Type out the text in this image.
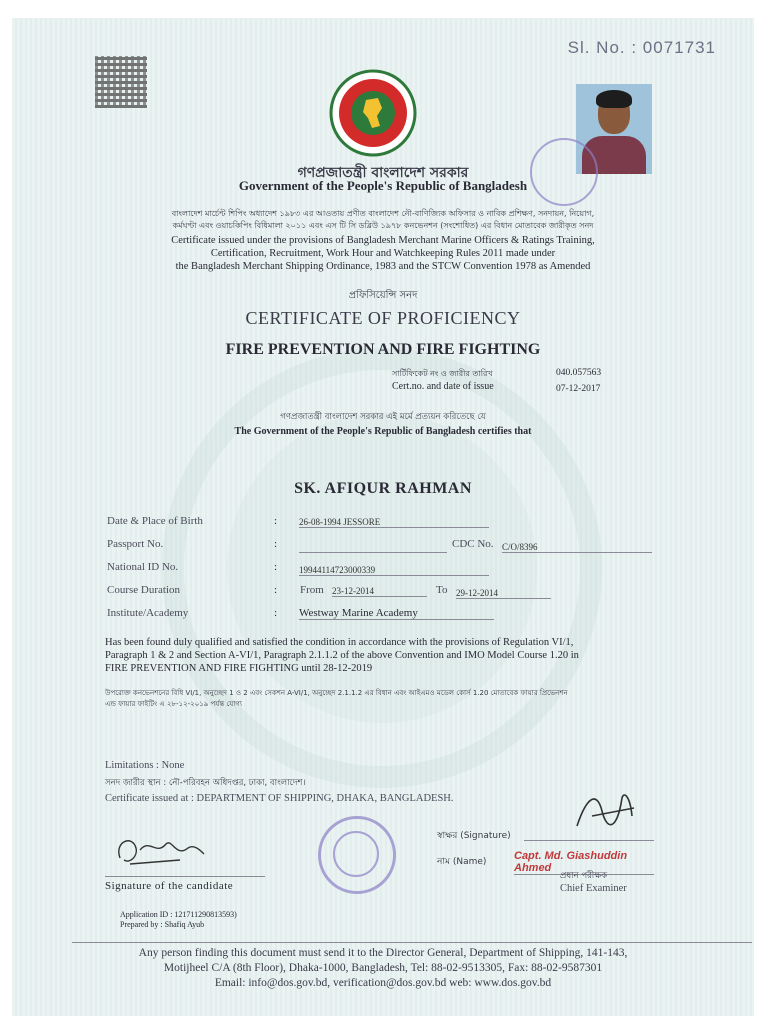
Sl. No. : 0071731
গণপ্রজাতন্ত্রী বাংলাদেশ সরকার
Government of the People's Republic of Bangladesh
বাংলাদেশ মার্চেন্ট শিপিং অধ্যাদেশ ১৯৮৩ এর আওতায় প্রণীত বাংলাদেশ নৌ-বাণিজ্যিক অফিসার ও নাবিক প্রশিক্ষণ, সনদায়ন, নিয়োগ,
কর্মঘণ্টা এবং ওয়াচকিপিং বিধিমালা ২০১১ এবং এস টি সি ডব্লিউ ১৯৭৮ কনভেনশন (সংশোধিত) এর বিধান মোতাবেক জারীকৃত সনদ
Certificate issued under the provisions of Bangladesh Merchant Marine Officers & Ratings Training,
Certification, Recruitment, Work Hour and Watchkeeping Rules 2011 made under
the Bangladesh Merchant Shipping Ordinance, 1983 and the STCW Convention 1978 as Amended
প্রফিসিয়েন্সি সনদ
CERTIFICATE OF PROFICIENCY
FIRE PREVENTION AND FIRE FIGHTING
সার্টিফিকেট নং ও জারীর তারিখ
Cert.no. and date of issue
040.057563
07-12-2017
গণপ্রজাতন্ত্রী বাংলাদেশ সরকার এই মর্মে প্রত্যয়ন করিতেছে যে
The Government of the People's Republic of Bangladesh certifies that
SK. AFIQUR RAHMAN
Date & Place of Birth	: 26-08-1994 JESSORE
Passport No.	:	CDC No. C/O/8396
National ID No.	: 19944114723000339
Course Duration	: From 23-12-2014	To 29-12-2014
Institute/Academy	: Westway Marine Academy
Has been found duly qualified and satisfied the condition in accordance with the provisions of Regulation VI/1,
Paragraph 1 & 2 and Section A-VI/1, Paragraph 2.1.1.2 of the above Convention and IMO Model Course 1.20 in
FIRE PREVENTION AND FIRE FIGHTING until 28-12-2019
উপরোক্ত কনভেনশনের বিধি VI/1, অনুচ্ছেদ 1 ও 2 এবং সেকশন A-VI/1, অনুচ্ছেদ 2.1.1.2 এর বিধান এবং আইএমও মডেল কোর্স 1.20 মোতাবেক ফায়ার প্রিভেনশন
এন্ড ফায়ার ফাইটিং এ ২৮-১২-২০১৯ পর্যন্ত যোগ্য
Limitations : None
সনদ জারীর স্থান : নৌ-পরিবহন অধিদপ্তর, ঢাকা, বাংলাদেশ।
Certificate issued at : DEPARTMENT OF SHIPPING, DHAKA, BANGLADESH.
স্বাক্ষর (Signature)
নাম (Name)	Capt. Md. Giashuddin Ahmed
প্রধান পরীক্ষক
Chief Examiner
Signature of the candidate
Application ID : 121711290813593)
Prepared by : Shafiq Ayub
Any person finding this document must send it to the Director General, Department of Shipping, 141-143,
Motijheel C/A (8th Floor), Dhaka-1000, Bangladesh, Tel: 88-02-9513305, Fax: 88-02-9587301
Email: info@dos.gov.bd, verification@dos.gov.bd web: www.dos.gov.bd
